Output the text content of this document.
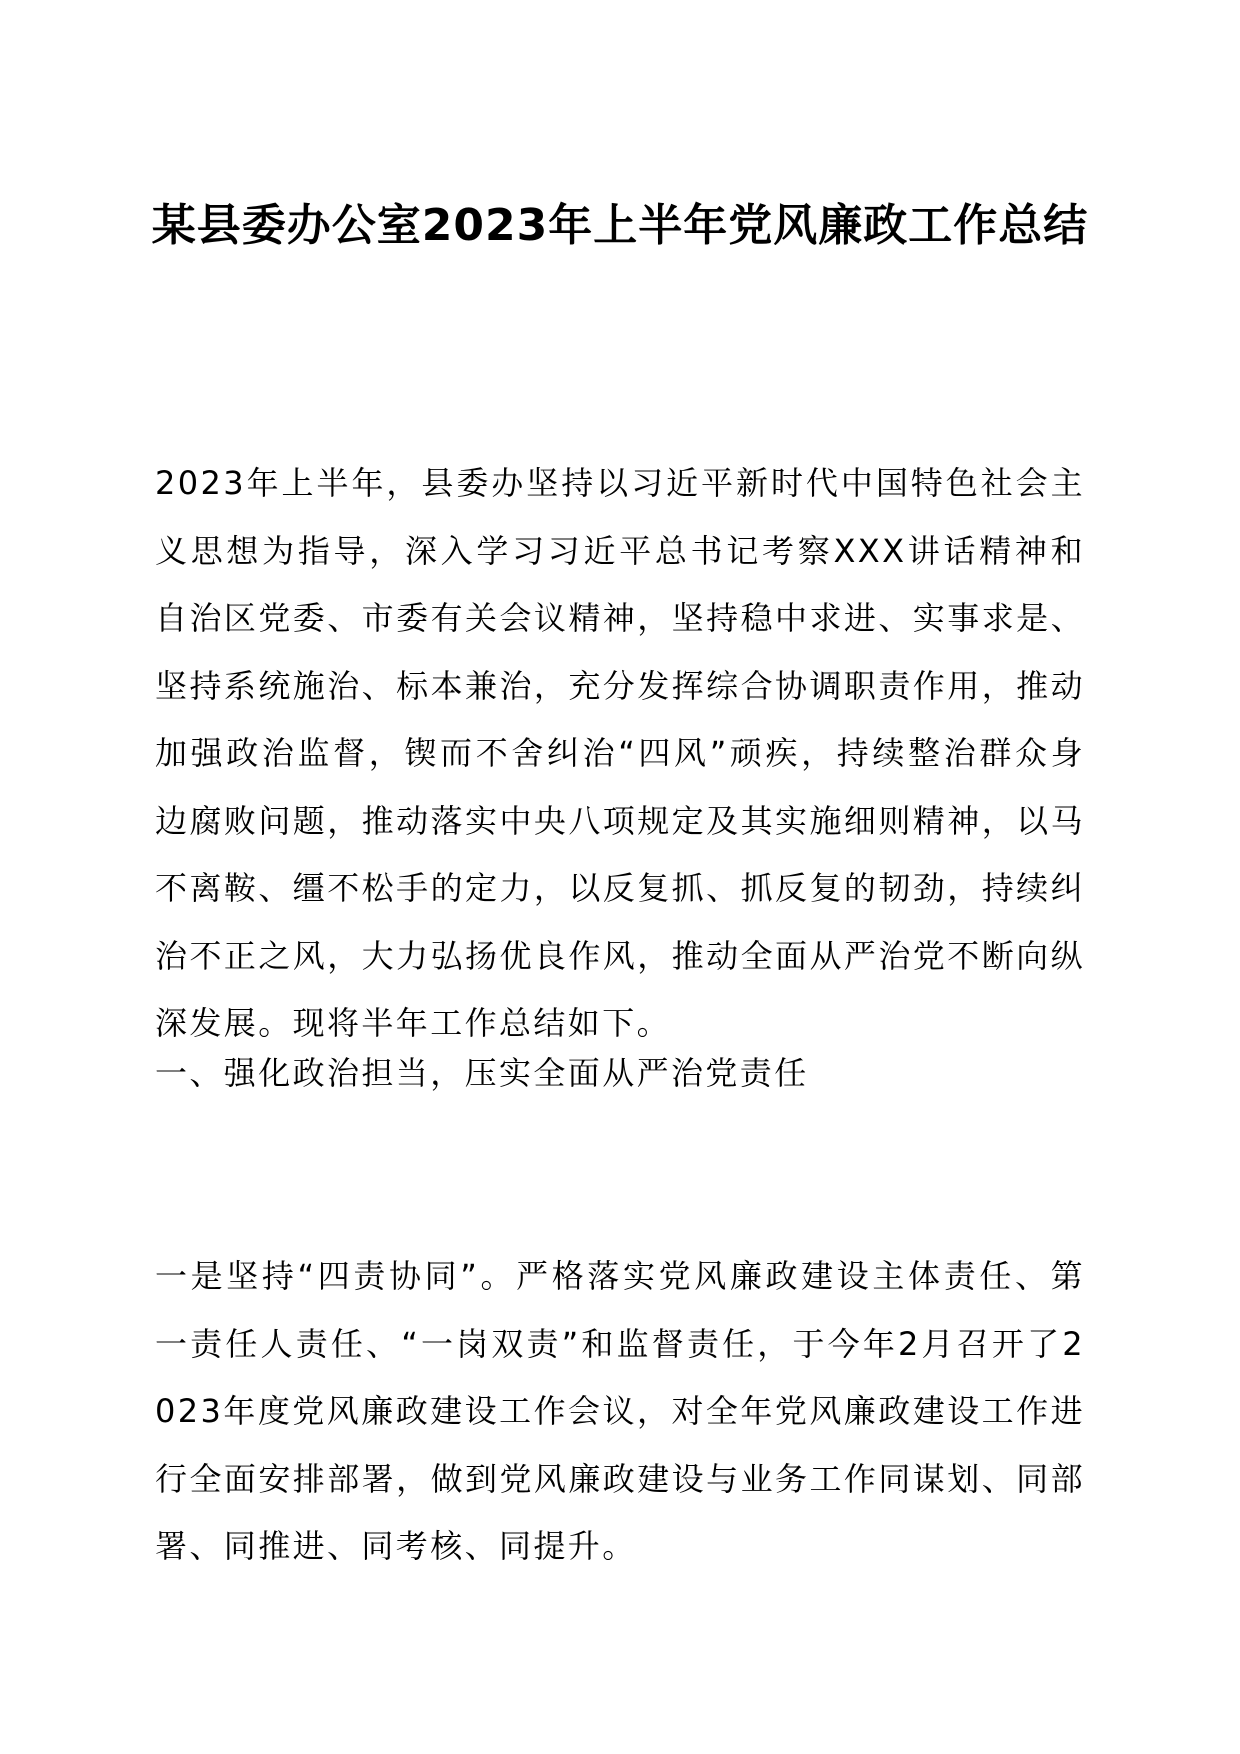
某县委办公室2023年上半年党风廉政工作总结

2023年上半年，县委办坚持以习近平新时代中国特色社会主义思想为指导，深入学习习近平总书记考察XXX讲话精神和自治区党委、市委有关会议精神，坚持稳中求进、实事求是、坚持系统施治、标本兼治，充分发挥综合协调职责作用，推动加强政治监督，锲而不舍纠治“四风”顽疾，持续整治群众身边腐败问题，推动落实中央八项规定及其实施细则精神，以马不离鞍、缰不松手的定力，以反复抓、抓反复的韧劲，持续纠治不正之风，大力弘扬优良作风，推动全面从严治党不断向纵深发展。现将半年工作总结如下。

一、强化政治担当，压实全面从严治党责任

一是坚持“四责协同”。严格落实党风廉政建设主体责任、第一责任人责任、“一岗双责”和监督责任，于今年2月召开了2023年度党风廉政建设工作会议，对全年党风廉政建设工作进行全面安排部署，做到党风廉政建设与业务工作同谋划、同部署、同推进、同考核、同提升。
